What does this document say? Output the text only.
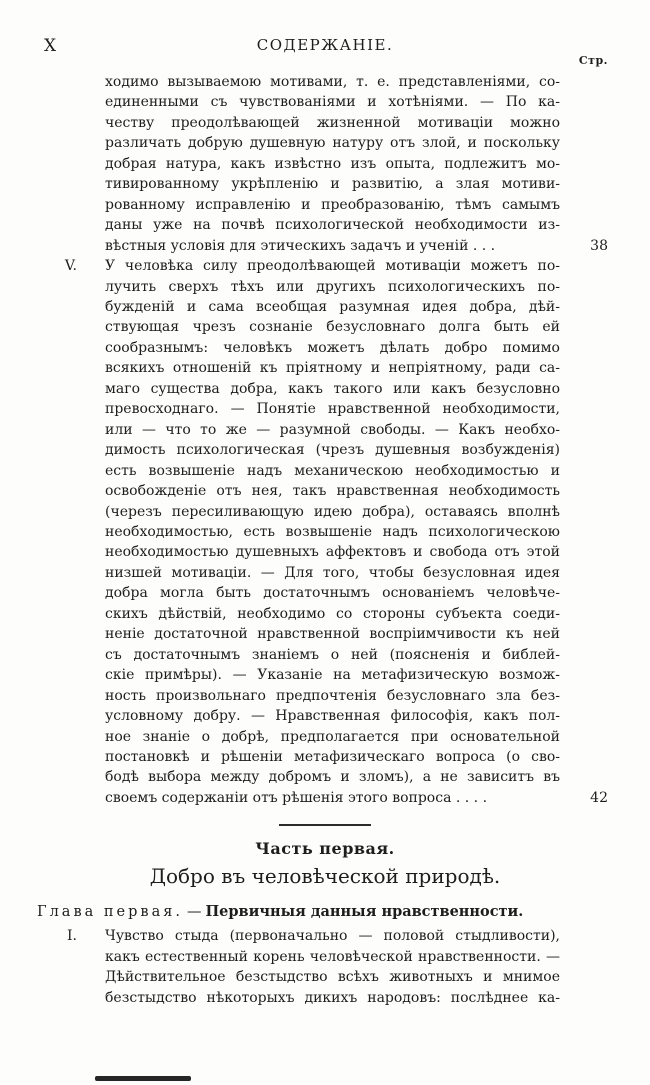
X	СОДЕРЖАНІЕ.
Стр.
ходимо вызываемою мотивами, т. е. представленіями, со-
единенными съ чувствованіями и хотѣніями. — По ка-
честву преодолѣвающей жизненной мотиваціи можно
различать добрую душевную натуру отъ злой, и поскольку
добрая натура, какъ извѣстно изъ опыта, подлежитъ мо-
тивированному укрѣпленію и развитію, а злая мотиви-
рованному исправленію и преобразованію, тѣмъ самымъ
даны уже на почвѣ психологической необходимости из-
вѣстныя условія для этическихъ задачъ и ученій . . .	38
V.	У человѣка силу преодолѣвающей мотиваціи можетъ по-
лучить сверхъ тѣхъ или другихъ психологическихъ по-
бужденій и сама всеобщая разумная идея добра, дѣй-
ствующая чрезъ сознаніе безусловнаго долга быть ей
сообразнымъ: человѣкъ можетъ дѣлать добро помимо
всякихъ отношеній къ пріятному и непріятному, ради са-
маго существа добра, какъ такого или какъ безусловно
превосходнаго. — Понятіе нравственной необходимости,
или — что то же — разумной свободы. — Какъ необхо-
димость психологическая (чрезъ душевныя возбужденія)
есть возвышеніе надъ механическою необходимостью и
освобожденіе отъ нея, такъ нравственная необходимость
(черезъ пересиливающую идею добра), оставаясь вполнѣ
необходимостью, есть возвышеніе надъ психологическою
необходимостью душевныхъ аффектовъ и свобода отъ этой
низшей мотиваціи. — Для того, чтобы безусловная идея
добра могла быть достаточнымъ основаніемъ человѣче-
скихъ дѣйствій, необходимо со стороны субъекта соеди-
неніе достаточной нравственной воспріимчивости къ ней
съ достаточнымъ знаніемъ о ней (поясненія и библей-
скіе примѣры). — Указаніе на метафизическую возмож-
ность произвольнаго предпочтенія безусловнаго зла без-
условному добру. — Нравственная философія, какъ пол-
ное знаніе о добрѣ, предполагается при основательной
постановкѣ и рѣшеніи метафизическаго вопроса (о сво-
бодѣ выбора между добромъ и зломъ), а не зависитъ въ
своемъ содержаніи отъ рѣшенія этого вопроса . . . .	42
Часть первая.
Добро въ человѣческой природѣ.
Глава первая. — Первичныя данныя нравственности.
I.	Чувство стыда (первоначально — половой стыдливости),
какъ естественный корень человѣческой нравственности. —
Дѣйствительное безстыдство всѣхъ животныхъ и мнимое
безстыдство нѣкоторыхъ дикихъ народовъ: послѣднее ка-
